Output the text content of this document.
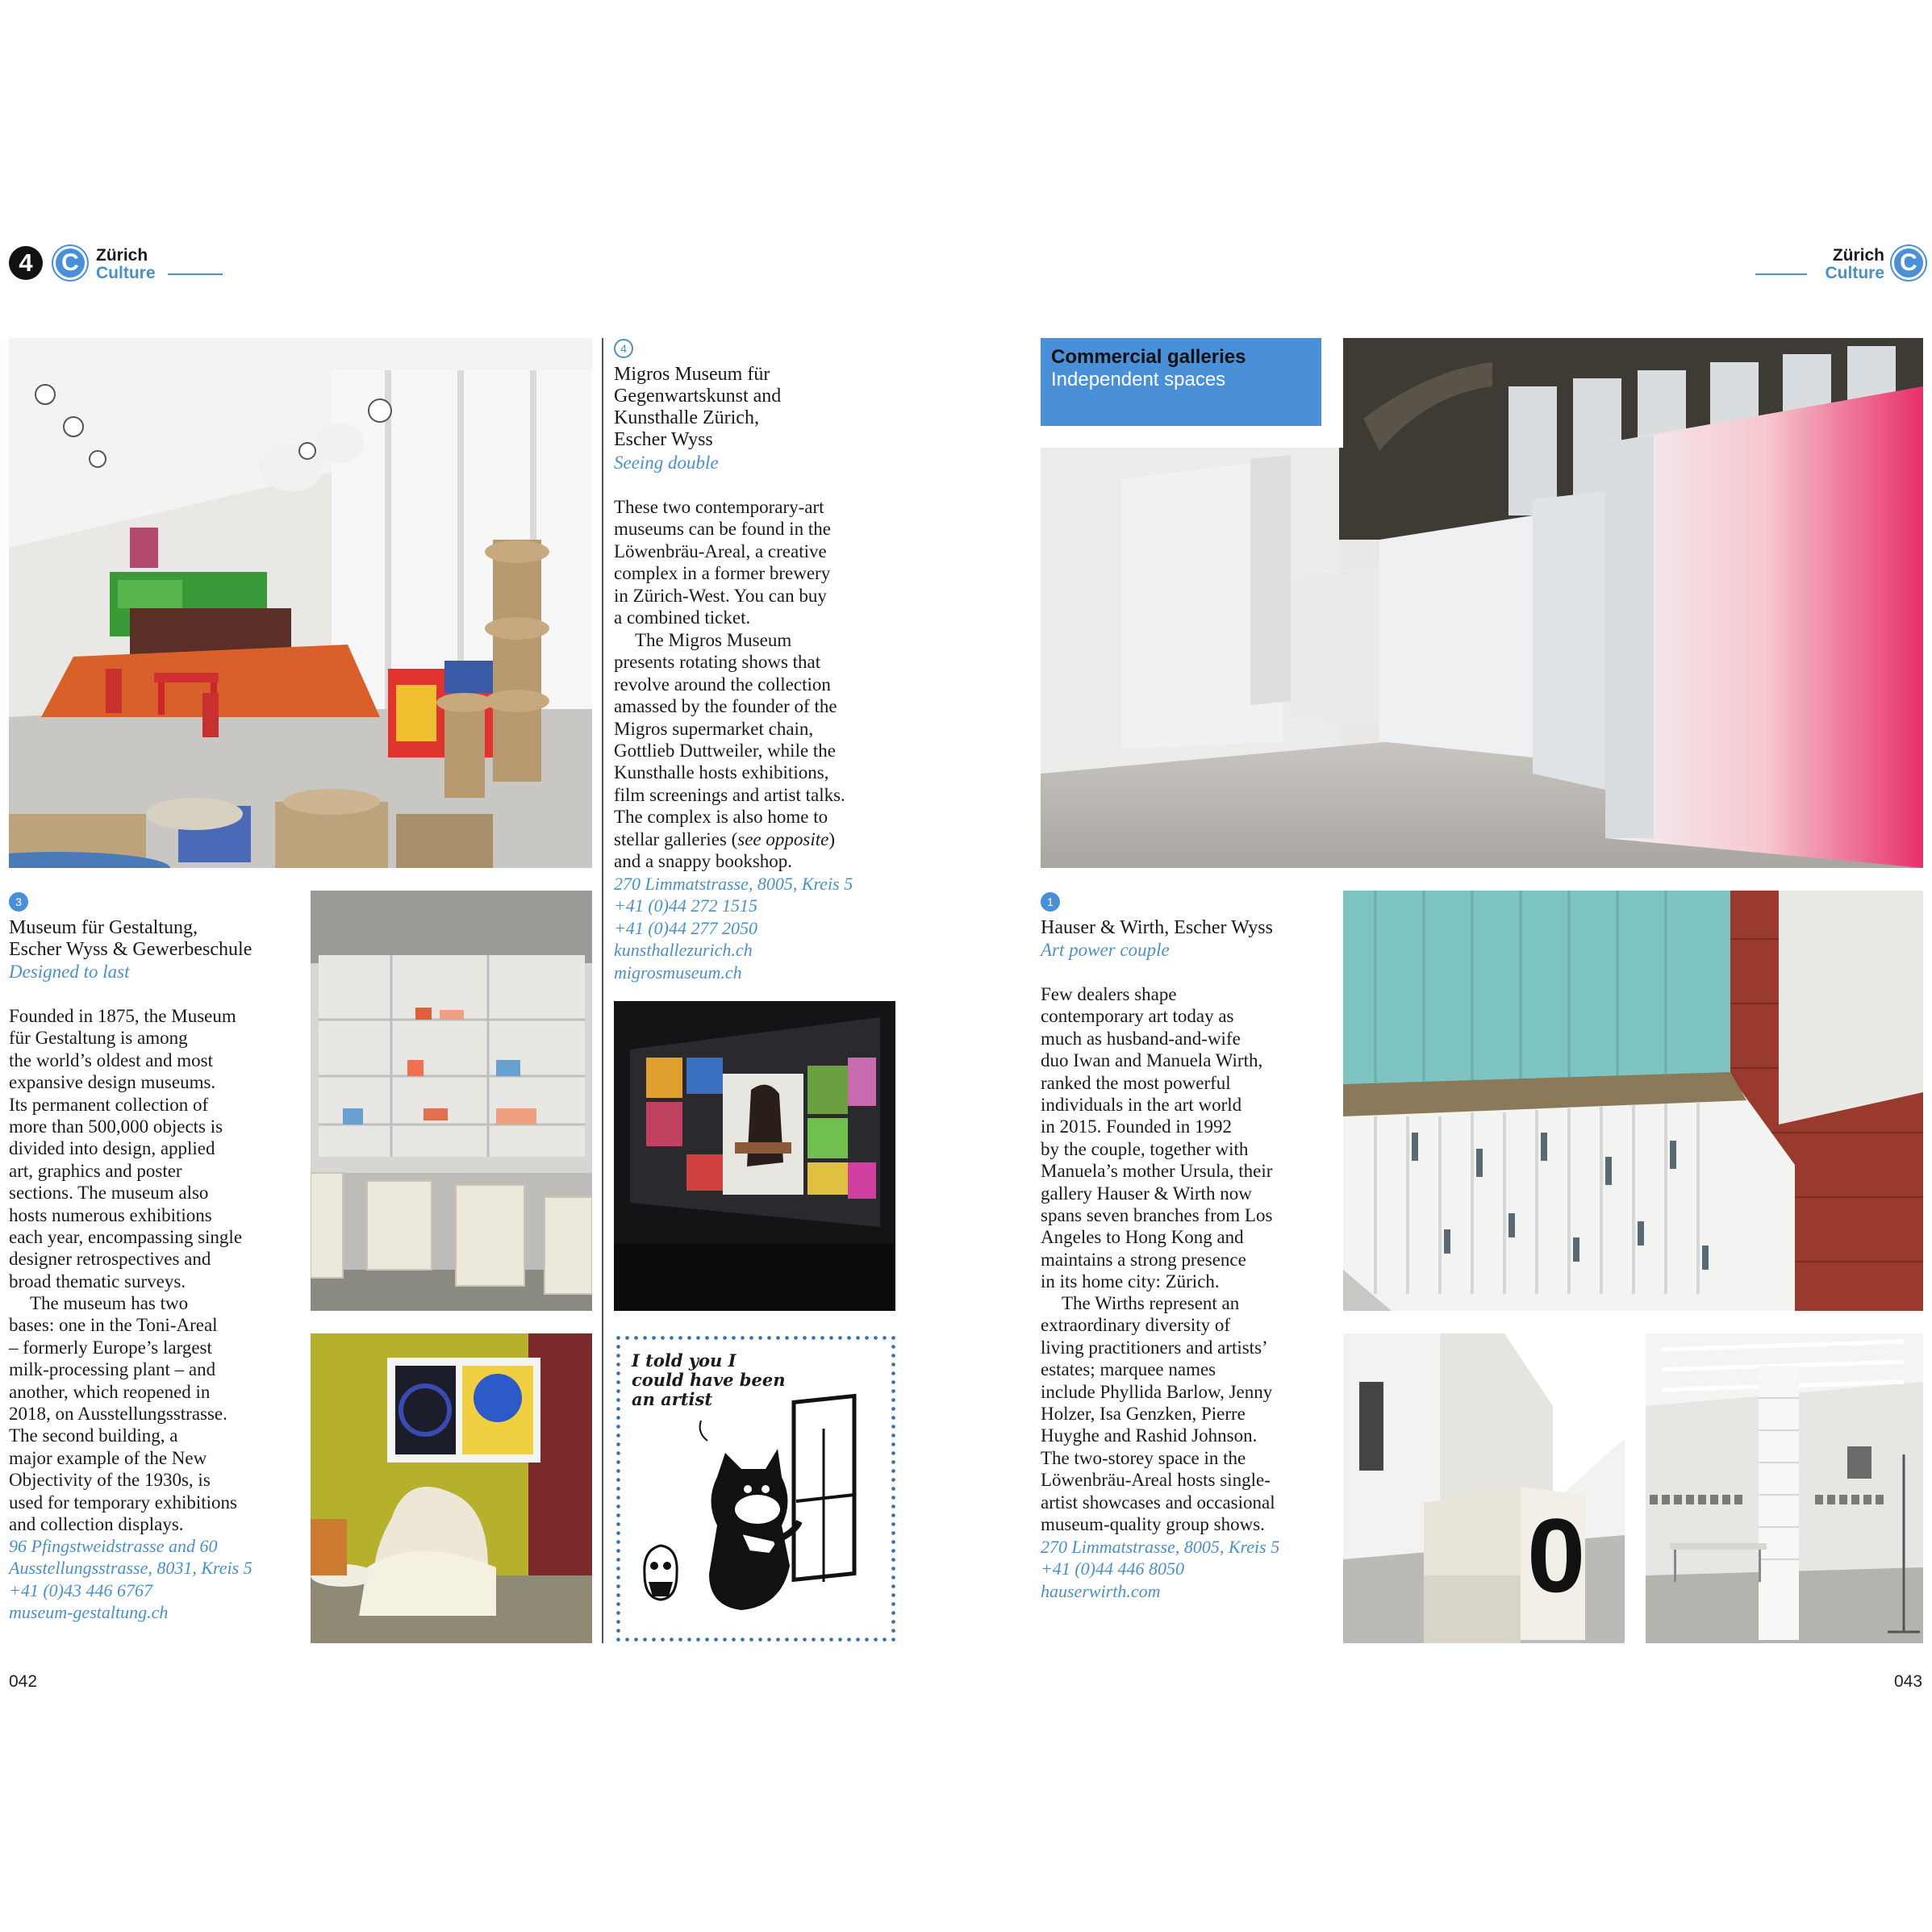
4	C	Zürich
Culture
Zürich
Culture C
3
Museum für Gestaltung,
Escher Wyss & Gewerbeschule
Designed to last
Founded in 1875, the Museum
für Gestaltung is among
the world’s oldest and most
expansive design museums.
Its permanent collection of
more than 500,000 objects is
divided into design, applied
art, graphics and poster
sections. The museum also
hosts numerous exhibitions
each year, encompassing single
designer retrospectives and
broad thematic surveys.
The museum has two
bases: one in the Toni-Areal
– formerly Europe’s largest
milk-processing plant – and
another, which reopened in
2018, on Ausstellungsstrasse.
The second building, a
major example of the New
Objectivity of the 1930s, is
used for temporary exhibitions
and collection displays.
96 Pfingstweidstrasse and 60
Ausstellungsstrasse, 8031, Kreis 5
+41 (0)43 446 6767
museum-gestaltung.ch
4
Migros Museum für
Gegenwartskunst and
Kunsthalle Zürich,
Escher Wyss
Seeing double
These two contemporary-art
museums can be found in the
Löwenbräu-Areal, a creative
complex in a former brewery
in Zürich-West. You can buy
a combined ticket.
The Migros Museum
presents rotating shows that
revolve around the collection
amassed by the founder of the
Migros supermarket chain,
Gottlieb Duttweiler, while the
Kunsthalle hosts exhibitions,
film screenings and artist talks.
The complex is also home to
stellar galleries (see opposite)
and a snappy bookshop.
270 Limmatstrasse, 8005, Kreis 5
+41 (0)44 272 1515
+41 (0)44 277 2050
kunsthallezurich.ch
migrosmuseum.ch
I told you I
could have been
an artist
042
Commercial galleries
Independent spaces
1
Hauser & Wirth, Escher Wyss
Art power couple
Few dealers shape
contemporary art today as
much as husband-and-wife
duo Iwan and Manuela Wirth,
ranked the most powerful
individuals in the art world
in 2015. Founded in 1992
by the couple, together with
Manuela’s mother Ursula, their
gallery Hauser & Wirth now
spans seven branches from Los
Angeles to Hong Kong and
maintains a strong presence
in its home city: Zürich.
The Wirths represent an
extraordinary diversity of
living practitioners and artists’
estates; marquee names
include Phyllida Barlow, Jenny
Holzer, Isa Genzken, Pierre
Huyghe and Rashid Johnson.
The two-storey space in the
Löwenbräu-Areal hosts single-
artist showcases and occasional
museum-quality group shows.
270 Limmatstrasse, 8005, Kreis 5
+41 (0)44 446 8050
hauserwirth.com	0
043
